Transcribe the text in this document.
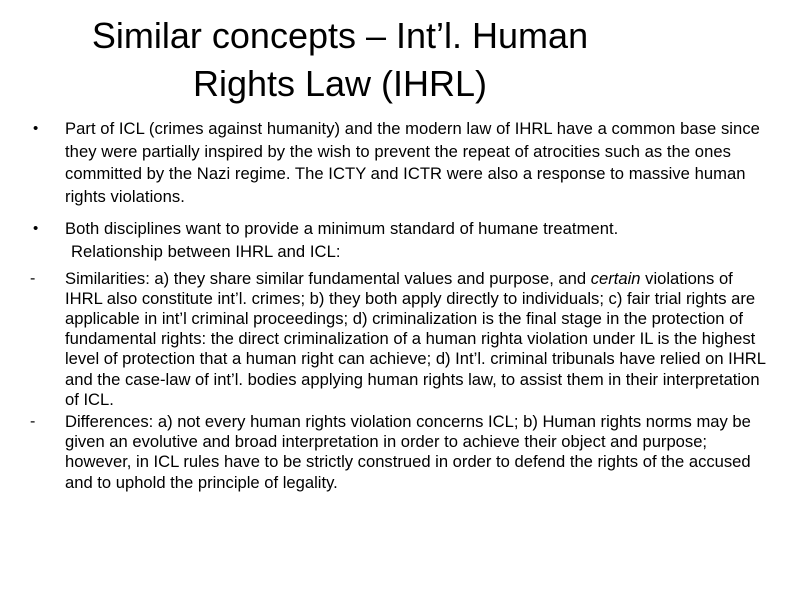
Similar concepts – Int’l. Human
Rights Law (IHRL)
•	Part of ICL (crimes against humanity) and the modern law of IHRL have a common base since they were partially inspired by the wish to prevent the repeat of atrocities such as the ones committed by the Nazi regime. The ICTY and ICTR were also a response to massive human rights violations.
•	Both disciplines want to provide a minimum standard of humane treatment.
Relationship between IHRL and ICL:
-	Similarities: a) they share similar fundamental values and purpose, and certain violations of IHRL also constitute int’l. crimes; b) they both apply directly to individuals; c) fair trial rights are applicable in int’l criminal proceedings; d) criminalization is the final stage in the protection of fundamental rights: the direct criminalization of a human righta violation under IL is the highest level of protection that a human right can achieve; d) Int’l. criminal tribunals have relied on IHRL and the case-law of int’l. bodies applying human rights law, to assist them in their interpretation of ICL.
-	Differences: a) not every human rights violation concerns ICL; b) Human rights norms may be given an evolutive and broad interpretation in order to achieve their object and purpose; however, in ICL rules have to be strictly construed in order to defend the rights of the accused and to uphold the principle of legality.
